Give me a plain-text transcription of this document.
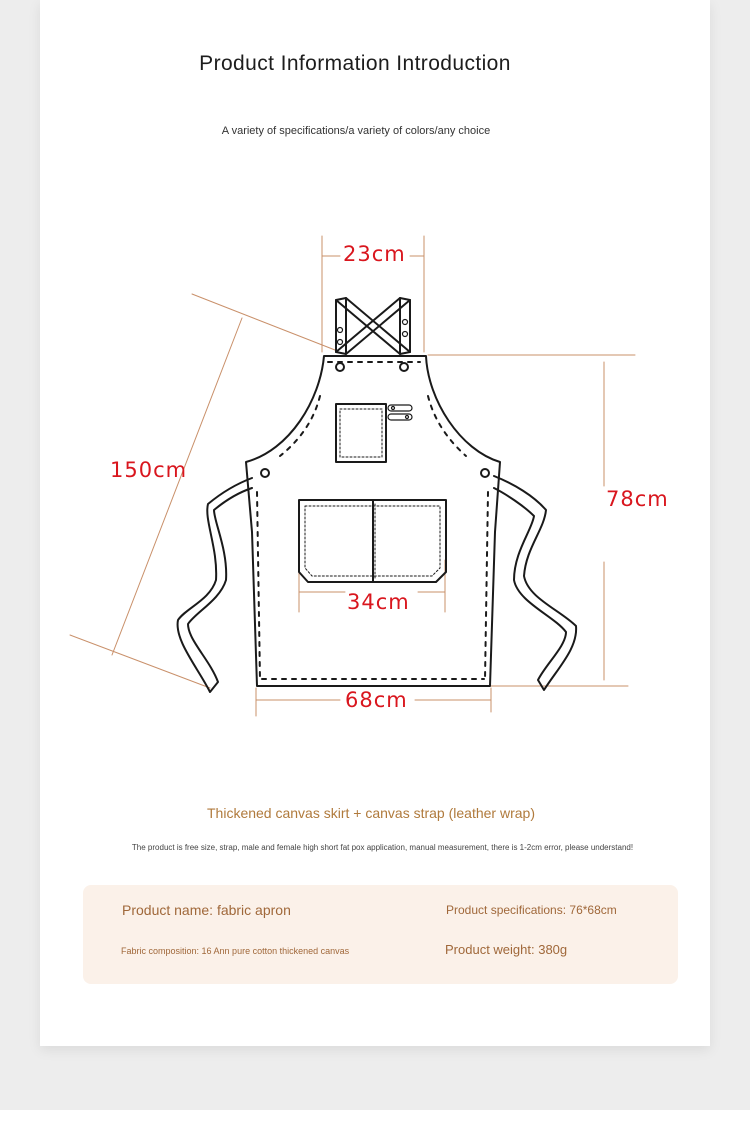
Product Information Introduction
A variety of specifications/a variety of colors/any choice
23cm
150cm
78cm
34cm
68cm
Thickened canvas skirt + canvas strap (leather wrap)
The product is free size, strap, male and female high short fat pox application, manual measurement, there is 1-2cm error, please understand!
Product name: fabric apron	Product specifications: 76*68cm
Fabric composition: 16 Ann pure cotton thickened canvas	Product weight: 380g
